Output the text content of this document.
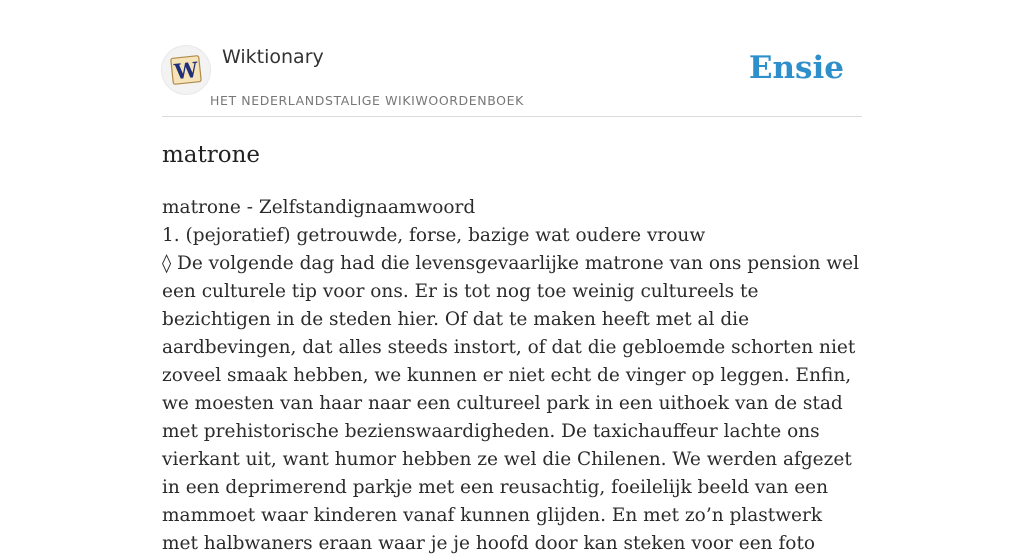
W Wiktionary
HET NEDERLANDSTALIGE WIKIWOORDENBOEK
Ensie
matrone
matrone - Zelfstandignaamwoord
1. (pejoratief) getrouwde, forse, bazige wat oudere vrouw
◊ De volgende dag had die levensgevaarlijke matrone van ons pension wel een culturele tip voor ons. Er is tot nog toe weinig cultureels te bezichtigen in de steden hier. Of dat te maken heeft met al die aardbevingen, dat alles steeds instort, of dat die gebloemde schorten niet zoveel smaak hebben, we kunnen er niet echt de vinger op leggen. Enfin, we moesten van haar naar een cultureel park in een uithoek van de stad met prehistorische bezienswaardigheden. De taxichauffeur lachte ons vierkant uit, want humor hebben ze wel die Chilenen. We werden afgezet in een deprimerend parkje met een reusachtig, foeilelijk beeld van een mammoet waar kinderen vanaf kunnen glijden. En met zo’n plastwerk met halbwaners eraan waar je je hoofd door kan steken voor een foto
